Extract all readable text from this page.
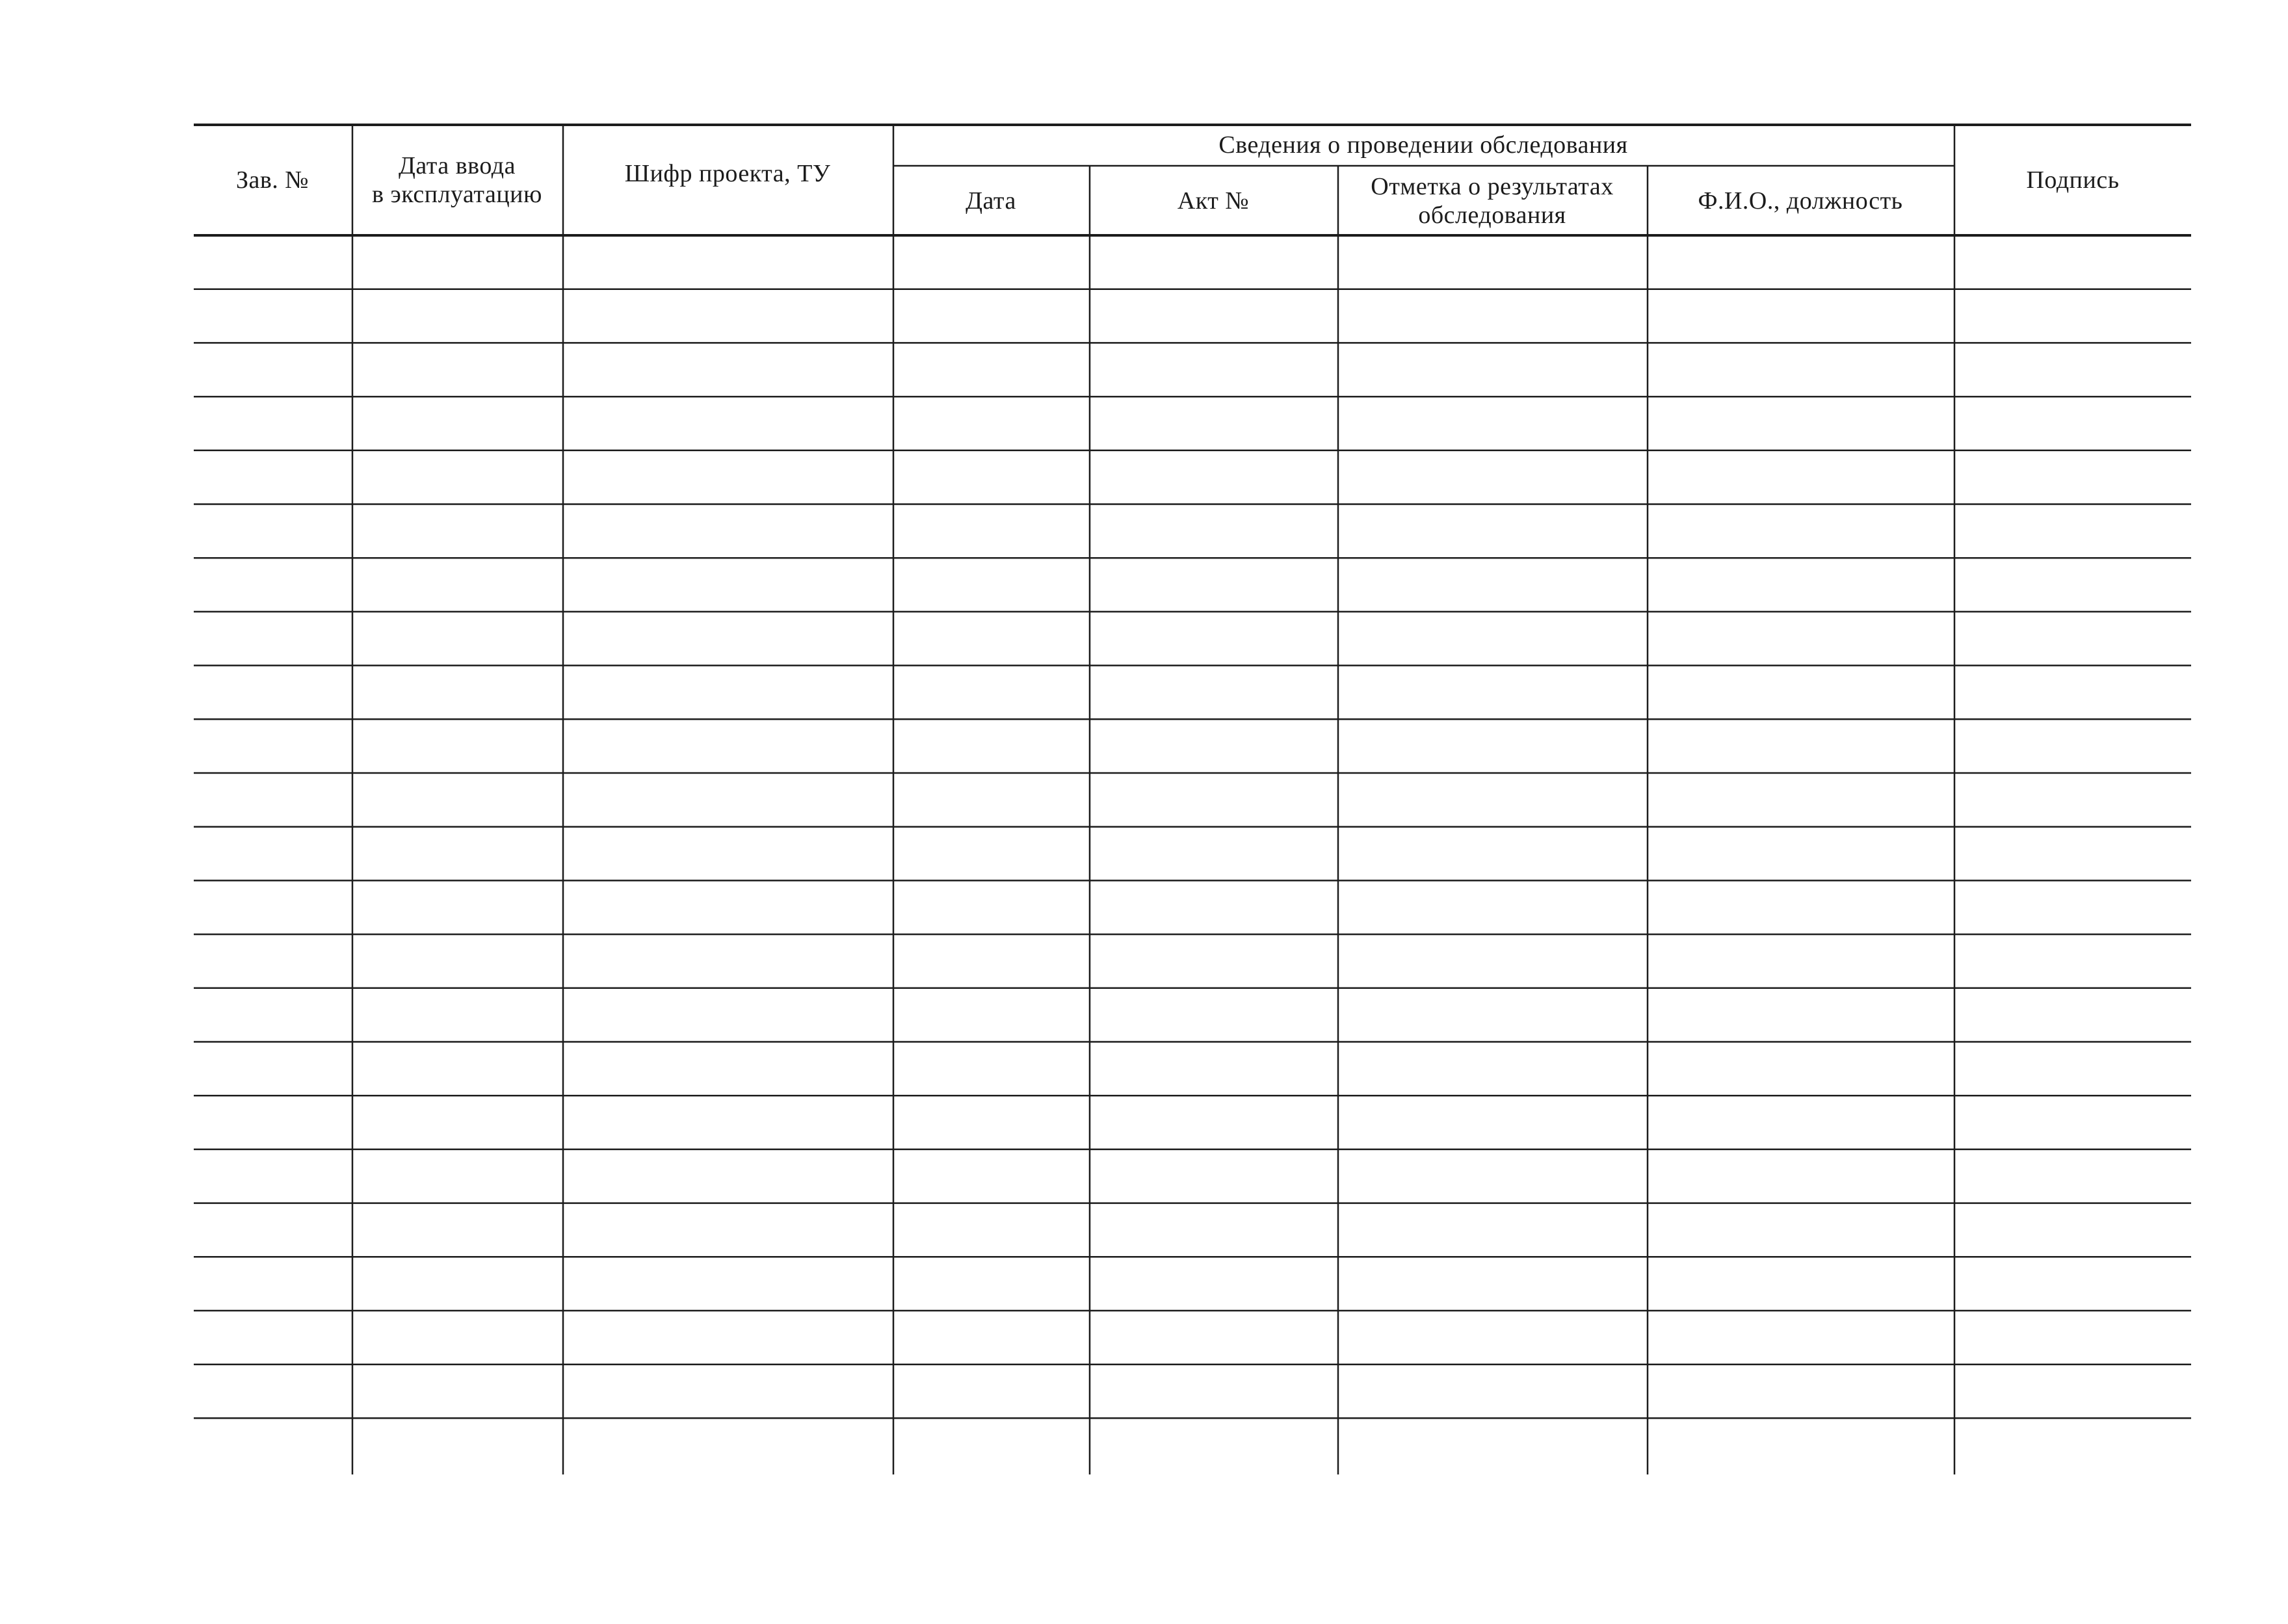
Зав. №
Дата ввода
в эксплуатацию
Шифр проекта, ТУ
Сведения о проведении обследования
Дата	Акт №
Отметка о результатах
обследования
Ф.И.О., должность
Подпись
